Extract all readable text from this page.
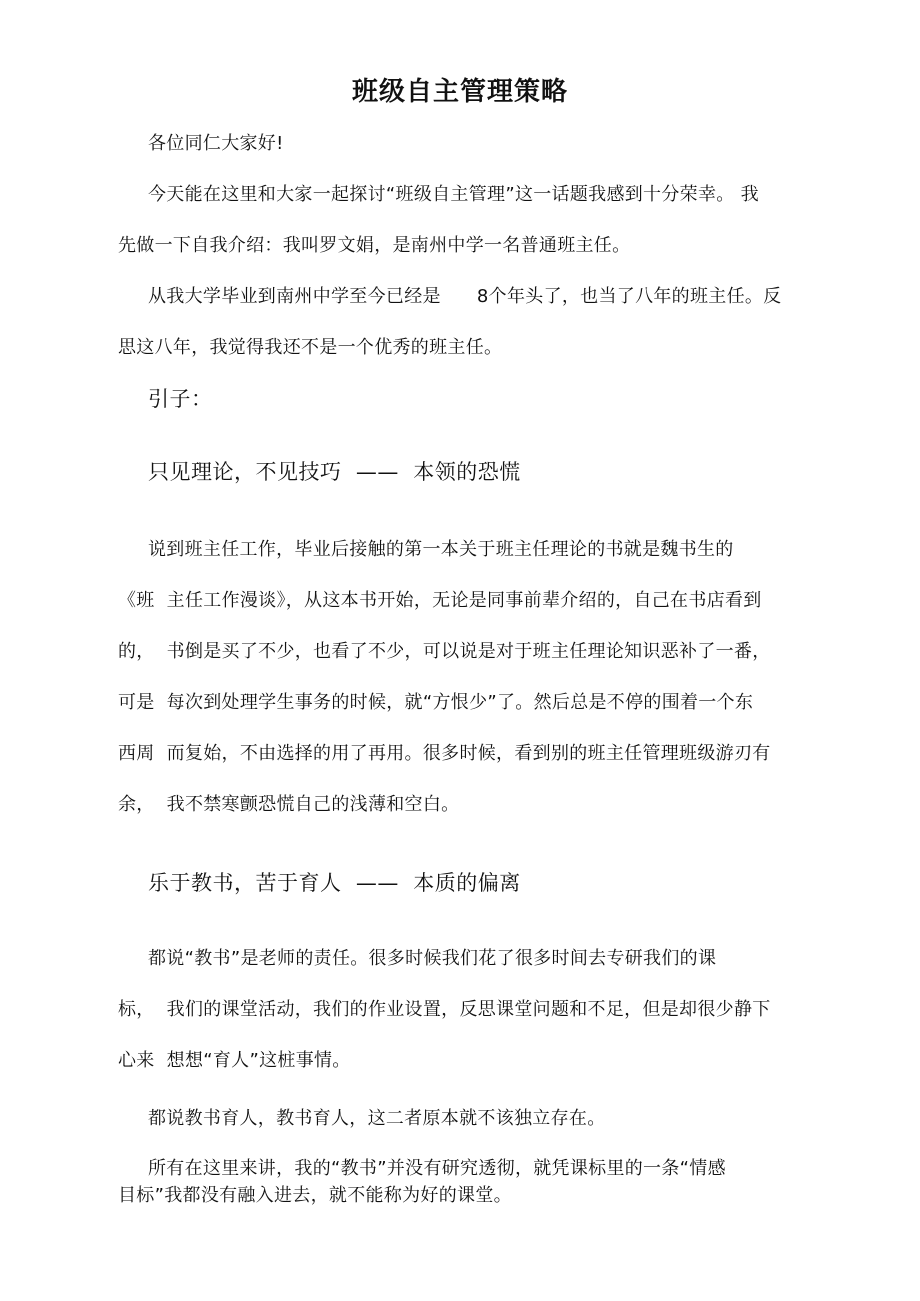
班级自主管理策略

各位同仁大家好!

今天能在这里和大家一起探讨“班级自主管理”这一话题我感到十分荣幸。 我

先做一下自我介绍：我叫罗文娟，是南州中学一名普通班主任。

从我大学毕业到南州中学至今已经是      8个年头了，也当了八年的班主任。反

思这八年，我觉得我还不是一个优秀的班主任。

引子：

只见理论，不见技巧  ——  本领的恐慌

说到班主任工作，毕业后接触的第一本关于班主任理论的书就是魏书生的

《班  主任工作漫谈》，从这本书开始，无论是同事前辈介绍的，自己在书店看到

的，  书倒是买了不少，也看了不少，可以说是对于班主任理论知识恶补了一番，

可是  每次到处理学生事务的时候，就“方恨少”了。然后总是不停的围着一个东

西周  而复始，不由选择的用了再用。很多时候，看到别的班主任管理班级游刃有

余，  我不禁寒颤恐慌自己的浅薄和空白。

乐于教书，苦于育人  ——  本质的偏离

都说“教书”是老师的责任。很多时候我们花了很多时间去专研我们的课

标，  我们的课堂活动，我们的作业设置，反思课堂问题和不足，但是却很少静下

心来  想想“育人”这桩事情。

都说教书育人，教书育人，这二者原本就不该独立存在。

所有在这里来讲，我的“教书”并没有研究透彻，就凭课标里的一条“情感

目标”我都没有融入进去，就不能称为好的课堂。
